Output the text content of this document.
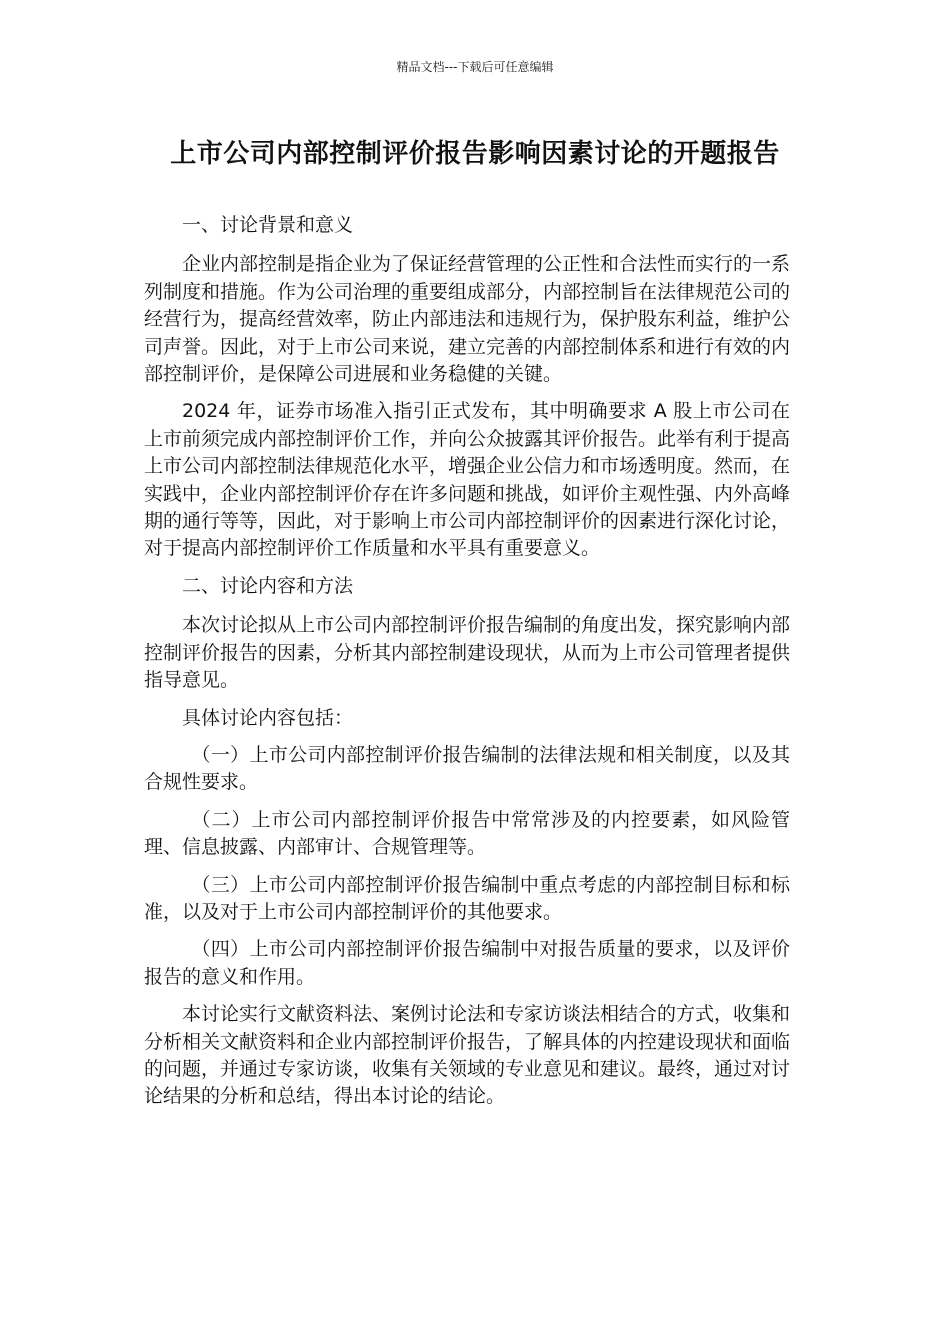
精品文档---下载后可任意编辑
上市公司内部控制评价报告影响因素讨论的开题报告

一、讨论背景和意义

企业内部控制是指企业为了保证经营管理的公正性和合法性而实行的一系列制度和措施。作为公司治理的重要组成部分，内部控制旨在法律规范公司的经营行为，提高经营效率，防止内部违法和违规行为，保护股东利益，维护公司声誉。因此，对于上市公司来说，建立完善的内部控制体系和进行有效的内部控制评价，是保障公司进展和业务稳健的关键。

2024 年，证券市场准入指引正式发布，其中明确要求 A 股上市公司在上市前须完成内部控制评价工作，并向公众披露其评价报告。此举有利于提高上市公司内部控制法律规范化水平，增强企业公信力和市场透明度。然而，在实践中，企业内部控制评价存在许多问题和挑战，如评价主观性强、内外高峰期的通行等等，因此，对于影响上市公司内部控制评价的因素进行深化讨论，对于提高内部控制评价工作质量和水平具有重要意义。

二、讨论内容和方法

本次讨论拟从上市公司内部控制评价报告编制的角度出发，探究影响内部控制评价报告的因素，分析其内部控制建设现状，从而为上市公司管理者提供指导意见。

具体讨论内容包括：

（一）上市公司内部控制评价报告编制的法律法规和相关制度，以及其合规性要求。

（二）上市公司内部控制评价报告中常常涉及的内控要素，如风险管理、信息披露、内部审计、合规管理等。

（三）上市公司内部控制评价报告编制中重点考虑的内部控制目标和标准，以及对于上市公司内部控制评价的其他要求。

（四）上市公司内部控制评价报告编制中对报告质量的要求，以及评价报告的意义和作用。

本讨论实行文献资料法、案例讨论法和专家访谈法相结合的方式，收集和分析相关文献资料和企业内部控制评价报告，了解具体的内控建设现状和面临的问题，并通过专家访谈，收集有关领域的专业意见和建议。最终，通过对讨论结果的分析和总结，得出本讨论的结论。
